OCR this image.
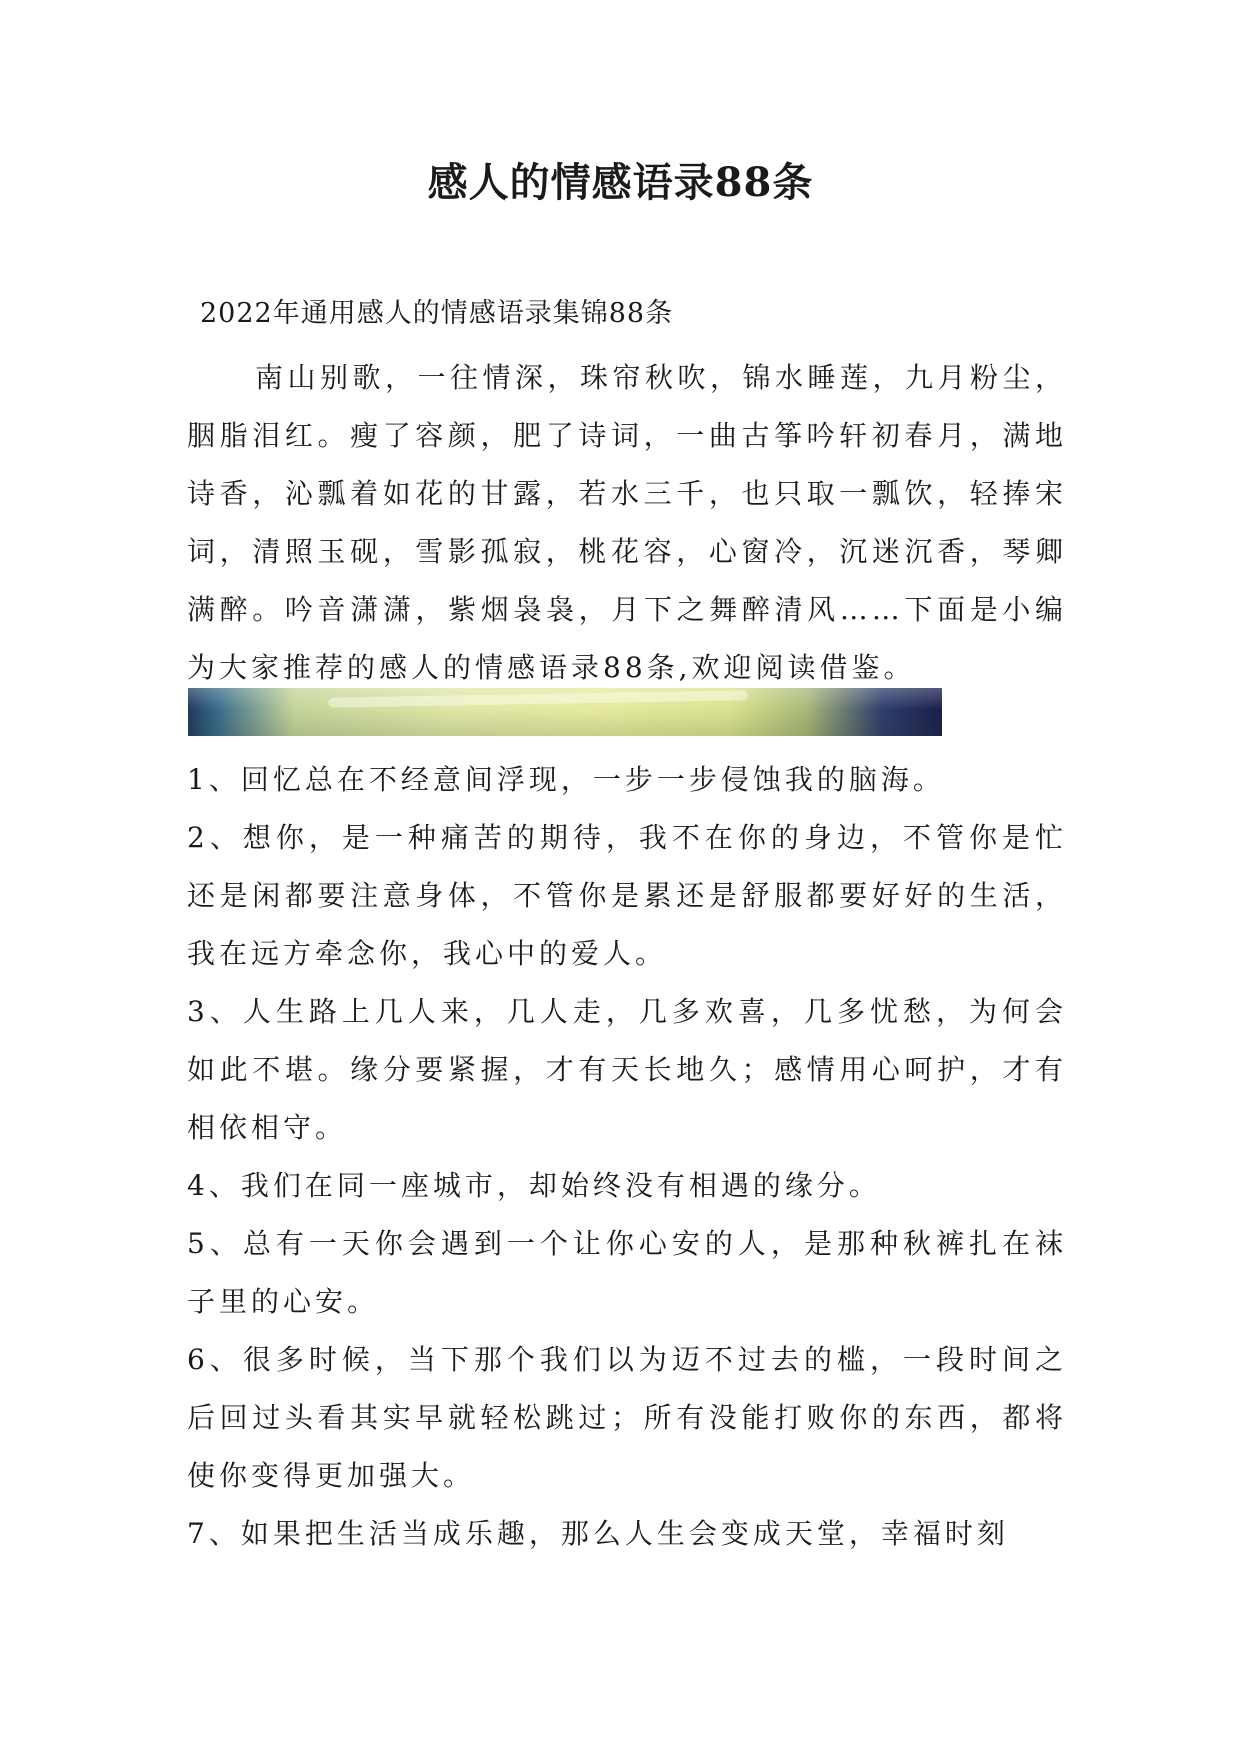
感人的情感语录88条
2022年通用感人的情感语录集锦88条

南山别歌，一往情深，珠帘秋吹，锦水睡莲，九月粉尘，胭脂泪红。瘦了容颜，肥了诗词，一曲古筝吟轩初春月，满地诗香，沁瓢着如花的甘露，若水三千，也只取一瓢饮，轻捧宋词，清照玉砚，雪影孤寂，桃花容，心窗冷，沉迷沉香，琴卿满醉。吟音潇潇，紫烟袅袅，月下之舞醉清风……下面是小编为大家推荐的感人的情感语录88条,欢迎阅读借鉴。

1、回忆总在不经意间浮现，一步一步侵蚀我的脑海。
2、想你，是一种痛苦的期待，我不在你的身边，不管你是忙还是闲都要注意身体，不管你是累还是舒服都要好好的生活，我在远方牵念你，我心中的爱人。
3、人生路上几人来，几人走，几多欢喜，几多忧愁，为何会如此不堪。缘分要紧握，才有天长地久；感情用心呵护，才有相依相守。
4、我们在同一座城市，却始终没有相遇的缘分。
5、总有一天你会遇到一个让你心安的人，是那种秋裤扎在袜子里的心安。
6、很多时候，当下那个我们以为迈不过去的槛，一段时间之后回过头看其实早就轻松跳过；所有没能打败你的东西，都将使你变得更加强大。
7、如果把生活当成乐趣，那么人生会变成天堂，幸福时刻
